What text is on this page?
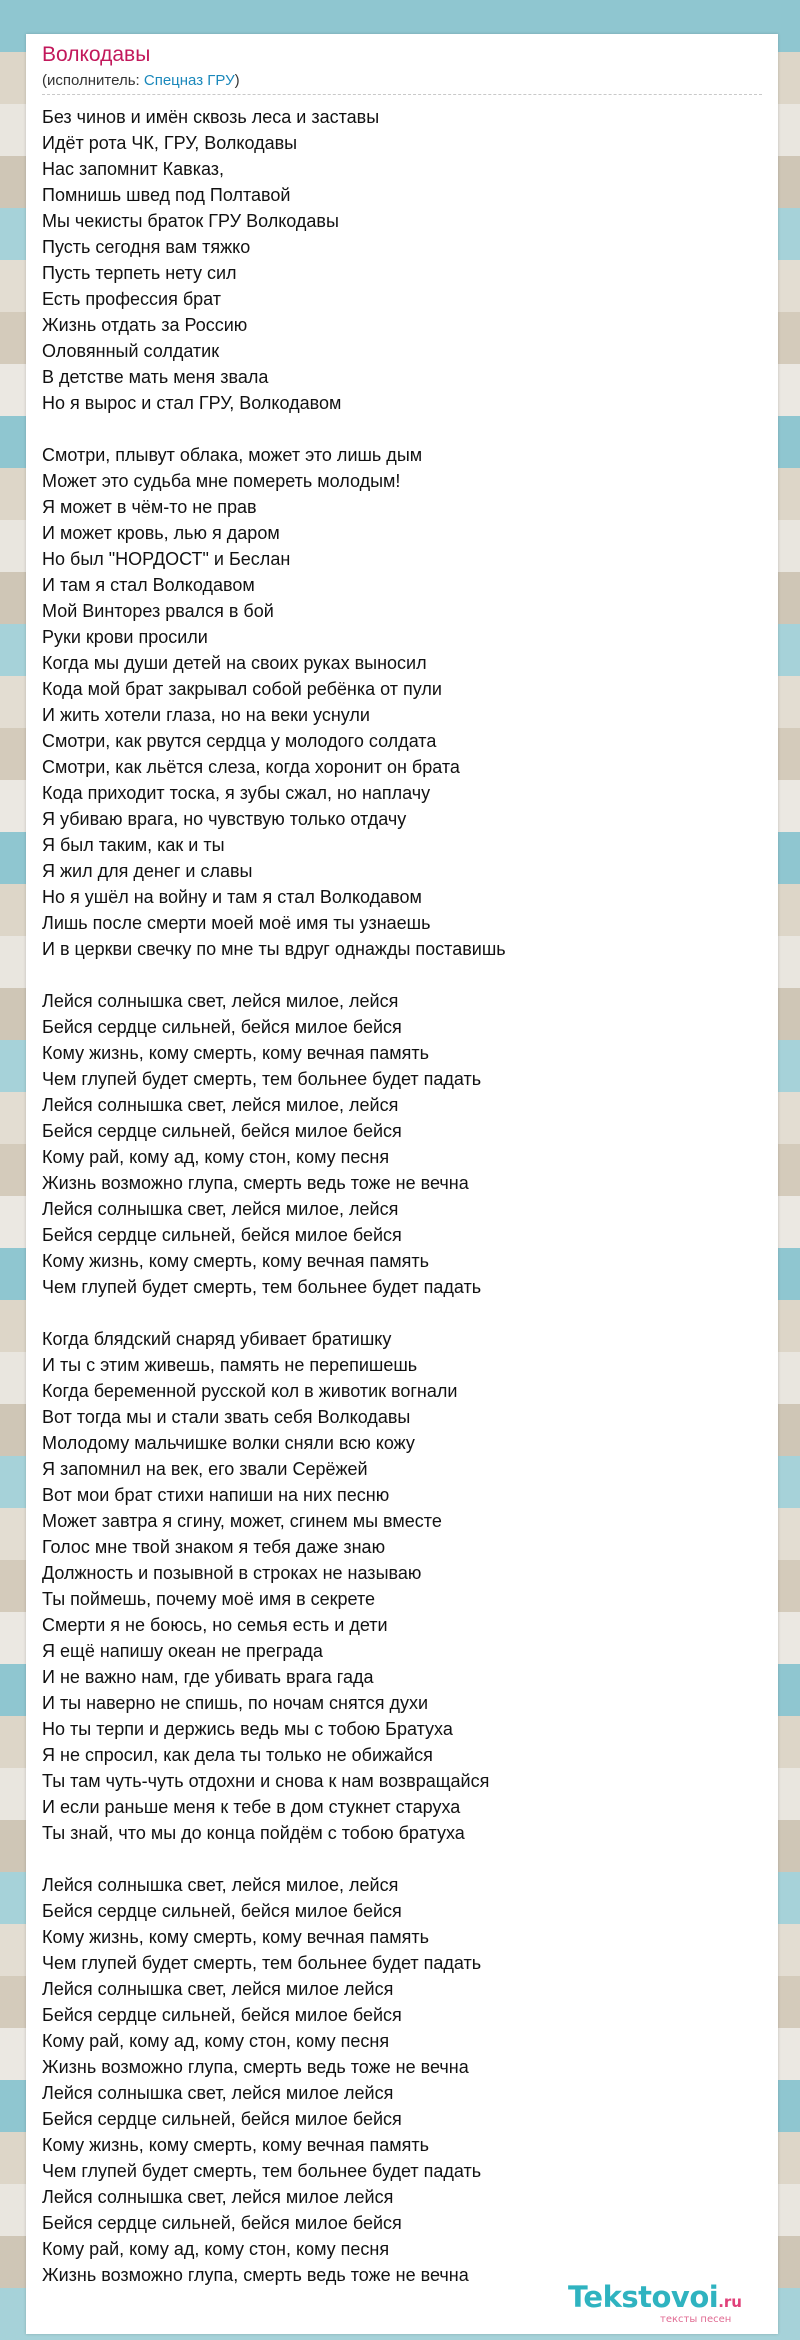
Волкодавы
(исполнитель: Спецназ ГРУ)
Без чинов и имён сквозь леса и заставы
Идёт рота ЧК, ГРУ, Волкодавы
Нас запомнит Кавказ,
Помнишь швед под Полтавой
Мы чекисты браток ГРУ Волкодавы
Пусть сегодня вам тяжко
Пусть терпеть нету сил
Есть профессия брат
Жизнь отдать за Россию
Оловянный солдатик
В детстве мать меня звала
Но я вырос и стал ГРУ, Волкодавом
Смотри, плывут облака, может это лишь дым
Может это судьба мне помереть молодым!
Я может в чём-то не прав
И может кровь, лью я даром
Но был "НОРДОСТ" и Беслан
И там я стал Волкодавом
Мой Винторез рвался в бой
Руки крови просили
Когда мы души детей на своих руках выносил
Кода мой брат закрывал собой ребёнка от пули
И жить хотели глаза, но на веки уснули
Смотри, как рвутся сердца у молодого солдата
Смотри, как льётся слеза, когда хоронит он брата
Кода приходит тоска, я зубы сжал, но наплачу
Я убиваю врага, но чувствую только отдачу
Я был таким, как и ты
Я жил для денег и славы
Но я ушёл на войну и там я стал Волкодавом
Лишь после смерти моей моё имя ты узнаешь
И в церкви свечку по мне ты вдруг однажды поставишь
Лейся солнышка свет, лейся милое, лейся
Бейся сердце сильней, бейся милое бейся
Кому жизнь, кому смерть, кому вечная память
Чем глупей будет смерть, тем больнее будет падать
Лейся солнышка свет, лейся милое, лейся
Бейся сердце сильней, бейся милое бейся
Кому рай, кому ад, кому стон, кому песня
Жизнь возможно глупа, смерть ведь тоже не вечна
Лейся солнышка свет, лейся милое, лейся
Бейся сердце сильней, бейся милое бейся
Кому жизнь, кому смерть, кому вечная память
Чем глупей будет смерть, тем больнее будет падать
Когда блядский снаряд убивает братишку
И ты с этим живешь, память не перепишешь
Когда беременной русской кол в животик вогнали
Вот тогда мы и стали звать себя Волкодавы
Молодому мальчишке волки сняли всю кожу
Я запомнил на век, его звали Серёжей
Вот мои брат стихи напиши на них песню
Может завтра я сгину, может, сгинем мы вместе
Голос мне твой знаком я тебя даже знаю
Должность и позывной в строках не называю
Ты поймешь, почему моё имя в секрете
Смерти я не боюсь, но семья есть и дети
Я ещё напишу океан не преграда
И не важно нам, где убивать врага гада
И ты наверно не спишь, по ночам снятся духи
Но ты терпи и держись ведь мы с тобою Братуха
Я не спросил, как дела ты только не обижайся
Ты там чуть-чуть отдохни и снова к нам возвращайся
И если раньше меня к тебе в дом стукнет старуха
Ты знай, что мы до конца пойдём с тобою братуха
Лейся солнышка свет, лейся милое, лейся
Бейся сердце сильней, бейся милое бейся
Кому жизнь, кому смерть, кому вечная память
Чем глупей будет смерть, тем больнее будет падать
Лейся солнышка свет, лейся милое лейся
Бейся сердце сильней, бейся милое бейся
Кому рай, кому ад, кому стон, кому песня
Жизнь возможно глупа, смерть ведь тоже не вечна
Лейся солнышка свет, лейся милое лейся
Бейся сердце сильней, бейся милое бейся
Кому жизнь, кому смерть, кому вечная память
Чем глупей будет смерть, тем больнее будет падать
Лейся солнышка свет, лейся милое лейся
Бейся сердце сильней, бейся милое бейся
Кому рай, кому ад, кому стон, кому песня
Жизнь возможно глупа, смерть ведь тоже не вечна
Tekstovoi.ru
тексты песен
